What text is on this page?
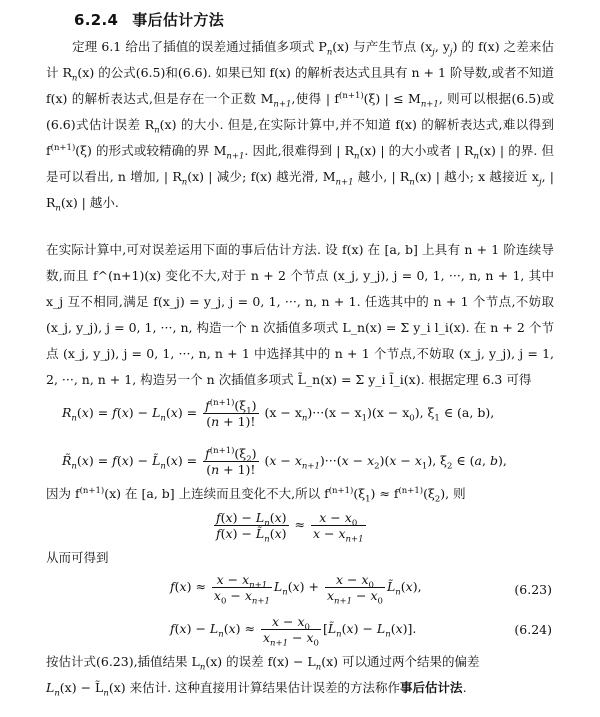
6.2.4 事后估计方法
定理 6.1 给出了插值的误差通过插值多项式 $P_n(x)$ 与产生节点 ($x_j$, $y_j$) 的 f(x) 之差来估计 $R_n(x)$ 的公式(6.5)和(6.6). 如果已知 f(x) 的解析表达式且具有 n + 1 阶导数,或者不知道 f(x) 的解析表达式,但是存在一个正数 $M_{n+1}$,使得 | $f^{(n+1)}(\xi)$ | ≤ $M_{n+1}$, 则可以根据(6.5)或(6.6)式估计误差 $R_n(x)$ 的大小. 但是,在实际计算中,并不知道 f(x) 的解析表达式,难以得到 $f^{(n+1)}(\xi)$ 的形式或较精确的界 $M_{n+1}$. 因此,很难得到 | $R_n(x)$ | 的大小或者 | $R_n(x)$ | 的界. 但是可以看出, n 增加, | $R_n(x)$ | 减少; f(x) 越光滑, $M_{n+1}$ 越小, | $R_n(x)$ | 越小; x 越接近 $x_j$, | $R_n(x)$ | 越小.
在实际计算中,可对误差运用下面的事后估计方法. 设 f(x) 在 [a, b] 上具有 n + 1 阶连续导数,而且 f^(n+1)(x) 变化不大,对于 n + 2 个节点 (x_j, y_j), j = 0, 1, ···, n, n + 1, 其中 x_j 互不相同,满足 f(x_j) = y_j, j = 0, 1, ···, n, n + 1. 任选其中的 n + 1 个节点,不妨取 (x_j, y_j), j = 0, 1, ···, n, 构造一个 n 次插值多项式 L_n(x) = Σ y_i l_i(x). 在 n + 2 个节点 (x_j, y_j), j = 0, 1, ···, n, n + 1 中选择其中的 n + 1 个节点,不妨取 (x_j, y_j), j = 1, 2, ···, n, n + 1, 构造另一个 n 次插值多项式 L̃_n(x) = Σ y_i l̃_i(x). 根据定理 6.3 可得
$R_n(x) = f(x) - L_n(x) = \frac{f^{(n+1)}(\xi_1)}{(n + 1)!} (x - x_n)\cdot\cdot\cdot(x - x_1)(x - x_0)$, $\xi_1$ ∈ (a, b),
$R̃_n(x) = f(x)$ − $L̃_n(x) = \frac{f^{(n+1)}(\xi_2)}{(n + 1)!} (x - x_{n+1})\cdot\cdot\cdot(x - x_2)(x - x_1)$, $\xi_2$ ∈ (a, b),
因为 $f^{(n+1)}(x)$ 在 [a, b] 上连续而且变化不大,所以 $f^{(n+1)}(\xi_1) \approx f^{(n+1)}(\xi_2)$, 则
$\frac{f(x) - L_n(x)}{f(x) - L̃_n(x)} \approx \frac{x - x_0}{x - x_{n+1}}$
从而可得到
$f(x) \approx \frac{x - x_{n+1}}{x_0 - x_{n+1}} L_n(x) + \frac{x - x_0}{x_{n+1} - x_0}$ $L̃_n(x)$,	(6.23)
$f(x) - L_n(x) \approx \frac{x - x_0}{x_{n+1} - x_0}$ $[L̃_n(x) - L_n(x)]$.	(6.24)
按估计式(6.23),插值结果 $L_n(x)$ 的误差 $f(x) - L_n(x)$ 可以通过两个结果的偏差
$L_n(x)$ − $L̃_n(x)$ 来估计. 这种直接用计算结果估计误差的方法称作事后估计法.
